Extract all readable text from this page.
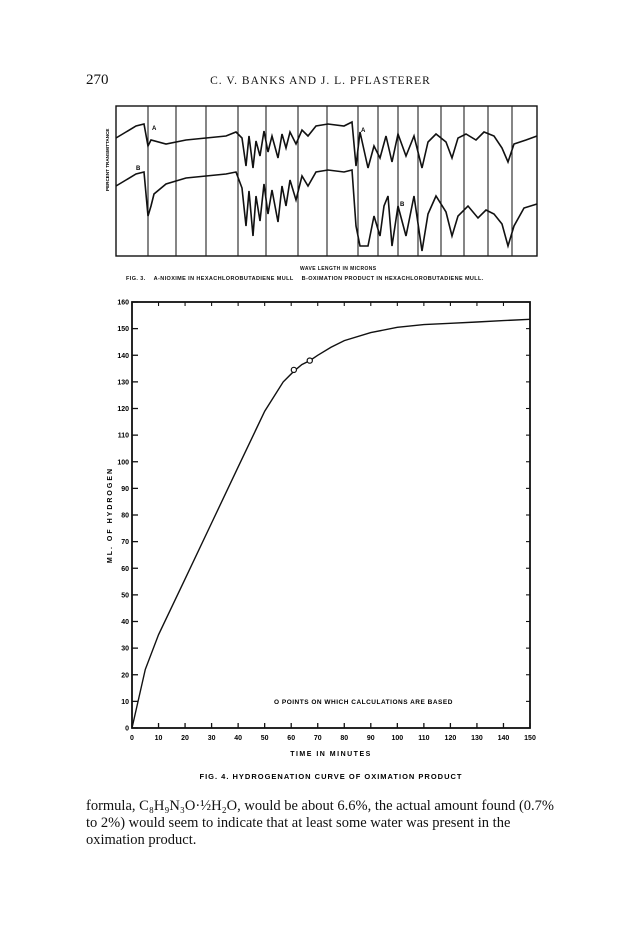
270	C. V. BANKS AND J. L. PFLASTERER
A
B
A
B
PERCENT TRANSMITTANCE
WAVE LENGTH IN MICRONS
FIG. 3. A-NIOXIME IN HEXACHLOROBUTADIENE MULL B-OXIMATION PRODUCT IN HEXACHLOROBUTADIENE MULL.
0
10
20
30
40
50
60
70
80
90
100
110
120
130
140
150
160
0	10	20	30	40	50	60	70	80	90 100 110 120 130 140 150
O POINTS ON WHICH CALCULATIONS ARE BASED
TIME IN MINUTES
ML. OF HYDROGEN
FIG. 4. HYDROGENATION CURVE OF OXIMATION PRODUCT

formula, C₈H₉N₃O·½H₂O, would be about 6.6%, the actual amount found (0.7% to 2%) would seem to indicate that at least some water was present in the oximation product.
